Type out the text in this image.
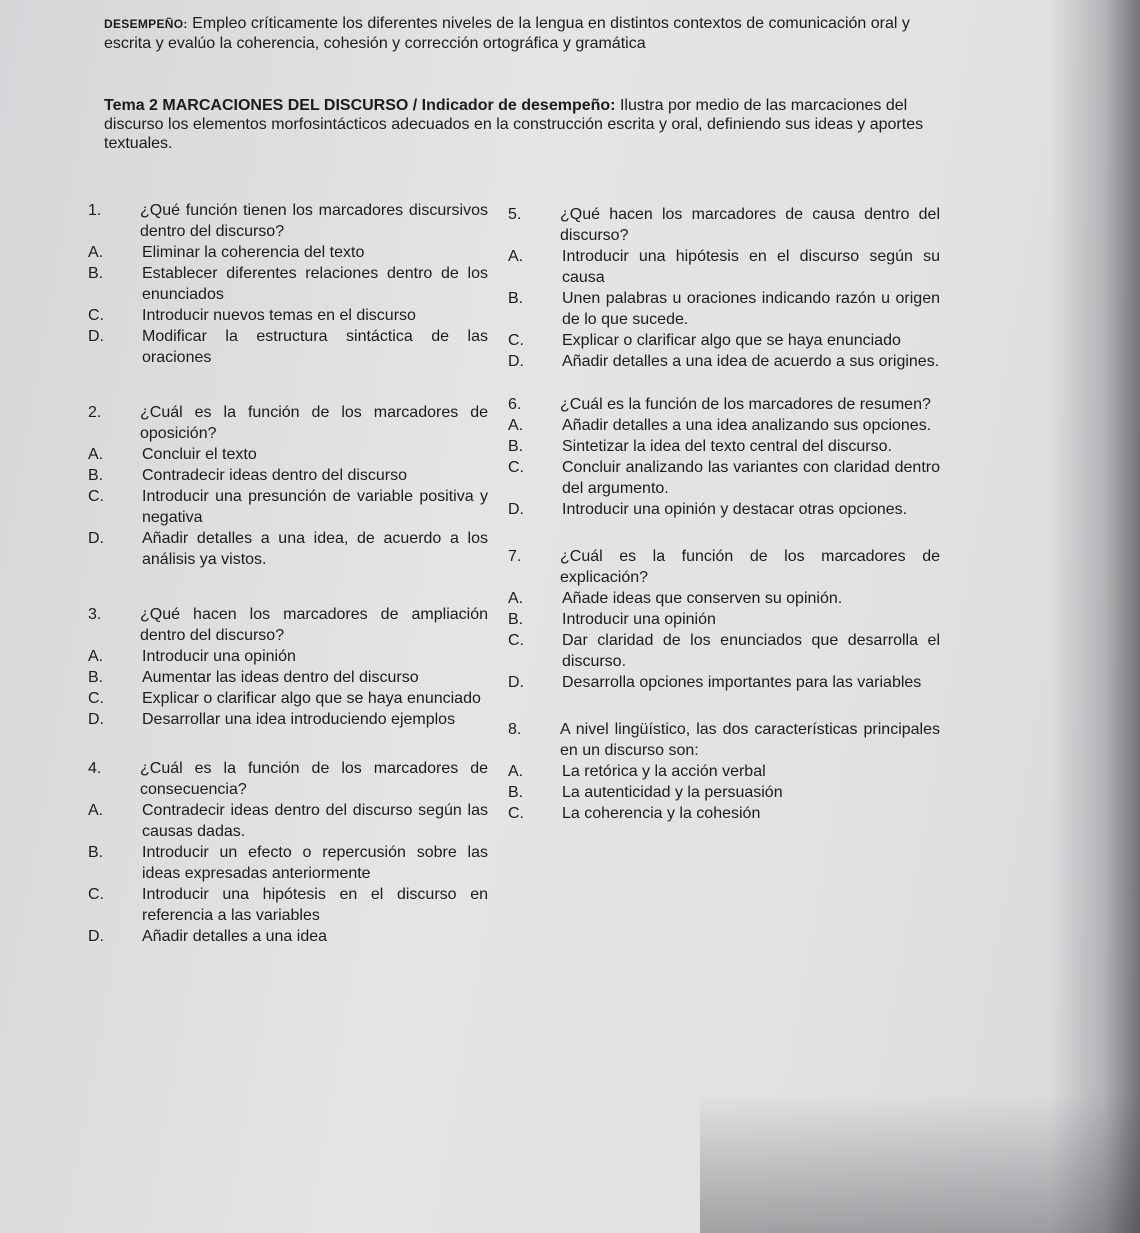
DESEMPEÑO: Empleo críticamente los diferentes niveles de la lengua en distintos contextos de comunicación oral y escrita y evalúo la coherencia, cohesión y corrección ortográfica y gramática
Tema 2 MARCACIONES DEL DISCURSO / Indicador de desempeño: Ilustra por medio de las marcaciones del discurso los elementos morfosintácticos adecuados en la construcción escrita y oral, definiendo sus ideas y aportes textuales.
1. ¿Qué función tienen los marcadores discursivos dentro del discurso?
A. Eliminar la coherencia del texto
B. Establecer diferentes relaciones dentro de los enunciados
C. Introducir nuevos temas en el discurso
D. Modificar la estructura sintáctica de las oraciones
2. ¿Cuál es la función de los marcadores de oposición?
A. Concluir el texto
B. Contradecir ideas dentro del discurso
C. Introducir una presunción de variable positiva y negativa
D. Añadir detalles a una idea, de acuerdo a los análisis ya vistos.
3. ¿Qué hacen los marcadores de ampliación dentro del discurso?
A. Introducir una opinión
B. Aumentar las ideas dentro del discurso
C. Explicar o clarificar algo que se haya enunciado
D. Desarrollar una idea introduciendo ejemplos
4. ¿Cuál es la función de los marcadores de consecuencia?
A. Contradecir ideas dentro del discurso según las causas dadas.
B. Introducir un efecto o repercusión sobre las ideas expresadas anteriormente
C. Introducir una hipótesis en el discurso en referencia a las variables
D. Añadir detalles a una idea
5. ¿Qué hacen los marcadores de causa dentro del discurso?
A. Introducir una hipótesis en el discurso según su causa
B. Unen palabras u oraciones indicando razón u origen de lo que sucede.
C. Explicar o clarificar algo que se haya enunciado
D. Añadir detalles a una idea de acuerdo a sus origines.
6. ¿Cuál es la función de los marcadores de resumen?
A. Añadir detalles a una idea analizando sus opciones.
B. Sintetizar la idea del texto central del discurso.
C. Concluir analizando las variantes con claridad dentro del argumento.
D. Introducir una opinión y destacar otras opciones.
7. ¿Cuál es la función de los marcadores de explicación?
A. Añade ideas que conserven su opinión.
B. Introducir una opinión
C. Dar claridad de los enunciados que desarrolla el discurso.
D. Desarrolla opciones importantes para las variables
8. A nivel lingüístico, las dos características principales en un discurso son:
A. La retórica y la acción verbal
B. La autenticidad y la persuasión
C. La coherencia y la cohesión
